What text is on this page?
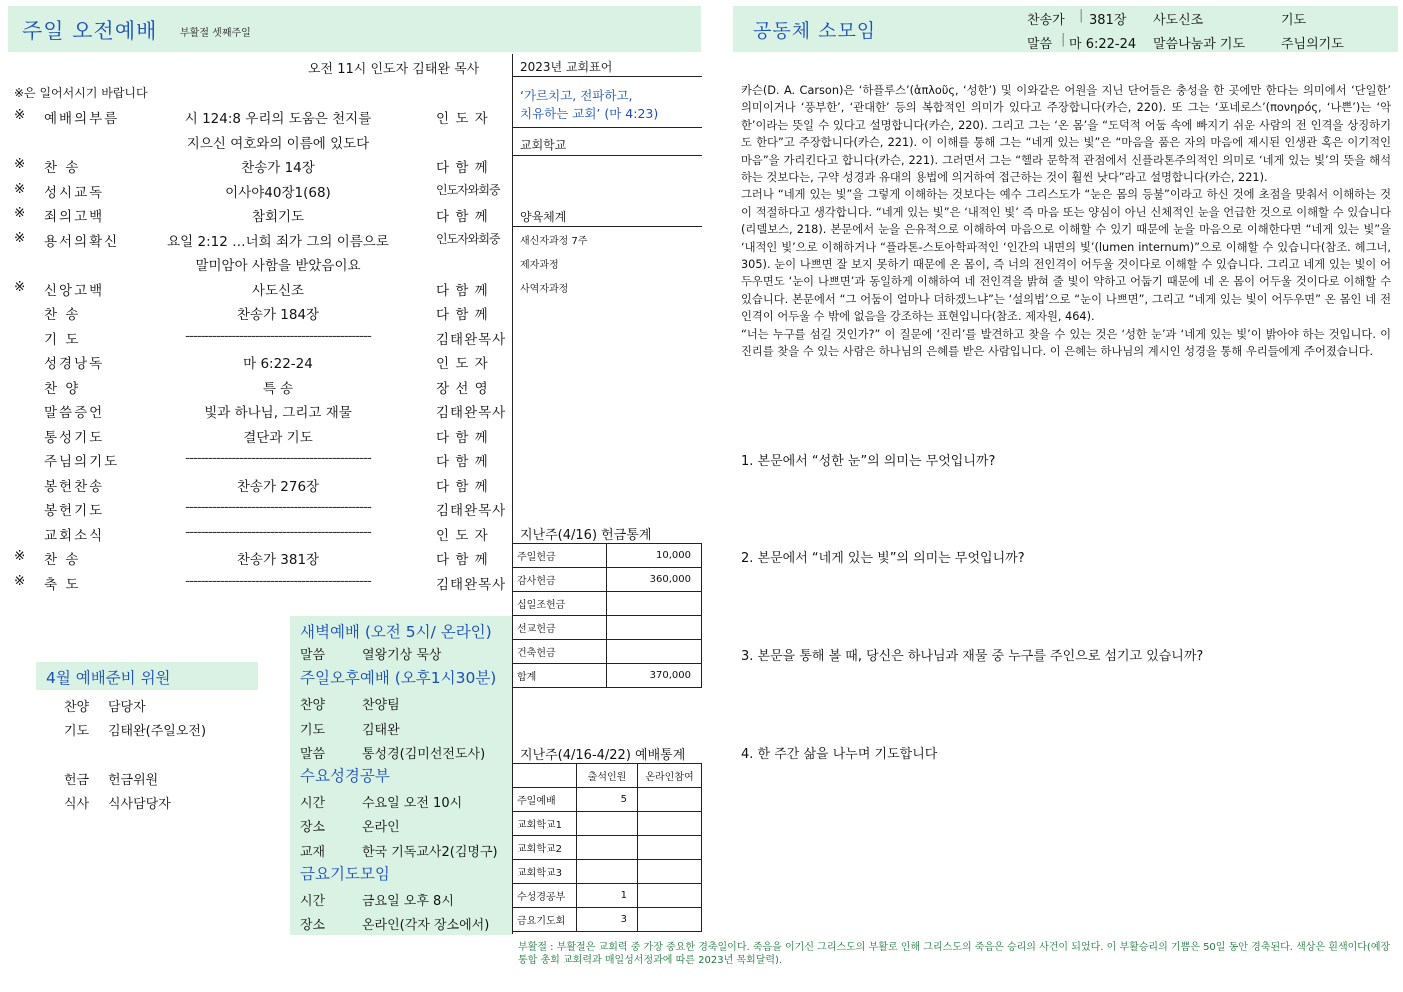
주일 오전예배 부활절 셋째주일	공동체 소모임	찬송가 | 381장 사도신조	기도
말씀 | 마 6:22-24 말씀나눔과 기도	주님의기도
오전 11시 인도자 김태완 목사
※은 일어서시기 바랍니다
※ 예배의부름	시 124:8 우리의 도움은 천지를	인 도 자
지으신 여호와의 이름에 있도다
※ 찬 송	찬송가 14장	다 함 께
※ 성시교독	이사야40장1(68)	인도자와회중
※ 죄의고백	참회기도	다 함 께
※ 용서의확신	요일 2:12 …너희 죄가 그의 이름으로	인도자와회중
말미암아 사함을 받았음이요
※ 신앙고백	사도신조	다 함 께
찬 송	찬송가 184장	다 함 께
기 도	------------------------------------------------	김태완목사
성경낭독	마 6:22-24	인 도 자
찬 양	특 송	장 선 영
말씀증언	빛과 하나님, 그리고 재물	김태완목사
통성기도	결단과 기도	다 함 께
주님의기도	------------------------------------------------	다 함 께
봉헌찬송	찬송가 276장	다 함 께
봉헌기도	------------------------------------------------	김태완목사
교회소식	------------------------------------------------	인 도 자
※ 찬 송	찬송가 381장	다 함 께
※ 축 도	------------------------------------------------	김태완목사
2023년 교회표어
‘가르치고, 전파하고,
치유하는 교회’ (마 4:23)
교회학교
양육체계
새신자과정 7주
제자과정
사역자과정
지난주(4/16) 헌금통계
주일헌금	10,000
감사헌금	360,000
십일조헌금	
선교헌금	
건축헌금	
합계	370,000
지난주(4/16-4/22) 예배통계
	출석인원	온라인참여
주일예배	5	
교회학교1		
교회학교2		
교회학교3		
수성경공부	1	
금요기도회	3	
새벽예배 (오전 5시/ 온라인)
말씀	열왕기상 묵상
주일오후예배 (오후1시30분)
찬양	찬양팀
기도	김태완
말씀	통성경(김미선전도사)
수요성경공부
시간	수요일 오전 10시
장소	온라인
교재	한국 기독교사2(김명구)
금요기도모임
시간	금요일 오후 8시
장소	온라인(각자 장소에서)
4월 예배준비 위원
찬양 담당자
기도 김태완(주일오전)
헌금 헌금위원
식사 식사담당자

카슨(D. A. Carson)은 ‘하플루스’(ἁπλοῦς, ‘성한’) 및 이와같은 어원을 지닌 단어들은 충성을 한 곳에만 한다는 의미에서 ‘단일한’ 의미이거나 ‘풍부한’, ‘관대한’ 등의 복합적인 의미가 있다고 주장합니다(카슨, 220). 또 그는 ‘포네로스’(πονηρός, ‘나쁜’)는 ‘악한’이라는 뜻일 수 있다고 설명합니다(카슨, 220). 그리고 그는 ‘온 몸’을 “도덕적 어둠 속에 빠지기 쉬운 사람의 전 인격을 상징하기도 한다”고 주장합니다(카슨, 221). 이 이해를 통해 그는 “네게 있는 빛”은 “마음을 품은 자의 마음에 제시된 인생관 혹은 이기적인 마음”을 가리킨다고 합니다(카슨, 221). 그러면서 그는 “헬라 문학적 관점에서 신플라톤주의적인 의미로 ‘네게 있는 빛’의 뜻을 해석하는 것보다는, 구약 성경과 유대의 용법에 의거하여 접근하는 것이 훨씬 낫다”라고 설명합니다(카슨, 221).

그러나 “네게 있는 빛”을 그렇게 이해하는 것보다는 예수 그리스도가 “눈은 몸의 등불”이라고 하신 것에 초점을 맞춰서 이해하는 것이 적절하다고 생각합니다. “네게 있는 빛”은 ‘내적인 빛’ 즉 마음 또는 양심이 아닌 신체적인 눈을 언급한 것으로 이해할 수 있습니다(리델보스, 218). 본문에서 눈을 은유적으로 이해하여 마음으로 이해할 수 있기 때문에 눈을 마음으로 이해한다면 “네게 있는 빛”을 ‘내적인 빛’으로 이해하거나 “플라톤-스토아학파적인 ‘인간의 내면의 빛’(lumen internum)”으로 이해할 수 있습니다(참조. 헤그너, 305). 눈이 나쁘면 잘 보지 못하기 때문에 온 몸이, 즉 너의 전인격이 어두울 것이다로 이해할 수 있습니다. 그리고 네게 있는 빛이 어두우면도 ‘눈이 나쁘면’과 동일하게 이해하여 네 전인격을 밝혀 줄 빛이 약하고 어둡기 때문에 네 온 몸이 어두울 것이다로 이해할 수 있습니다. 본문에서 “그 어둠이 얼마나 더하겠느냐”는 ‘설의법’으로 “눈이 나쁘면”, 그리고 “네게 있는 빛이 어두우면” 온 몸인 네 전인격이 어두울 수 밖에 없음을 강조하는 표현입니다(참조. 제자원, 464).

“너는 누구를 섬길 것인가?” 이 질문에 ‘진리’를 발견하고 찾을 수 있는 것은 ‘성한 눈’과 ‘네게 있는 빛’이 밝아야 하는 것입니다. 이 진리를 찾을 수 있는 사람은 하나님의 은혜를 받은 사람입니다. 이 은혜는 하나님의 계시인 성경을 통해 우리들에게 주어졌습니다.

1. 본문에서 “성한 눈”의 의미는 무엇입니까?
2. 본문에서 “네게 있는 빛”의 의미는 무엇입니까?
3. 본문을 통해 볼 때, 당신은 하나님과 재물 중 누구를 주인으로 섬기고 있습니까?
4. 한 주간 삶을 나누며 기도합니다
부활절 : 부활절은 교회력 중 가장 중요한 경축일이다. 죽음을 이기신 그리스도의 부활로 인해 그리스도의 죽음은 승리의 사건이 되었다. 이 부활승리의 기쁨은 50일 동안 경축된다. 색상은 흰색이다(예장통합 총회 교회력과 매일성서정과에 따른 2023년 목회달력).
